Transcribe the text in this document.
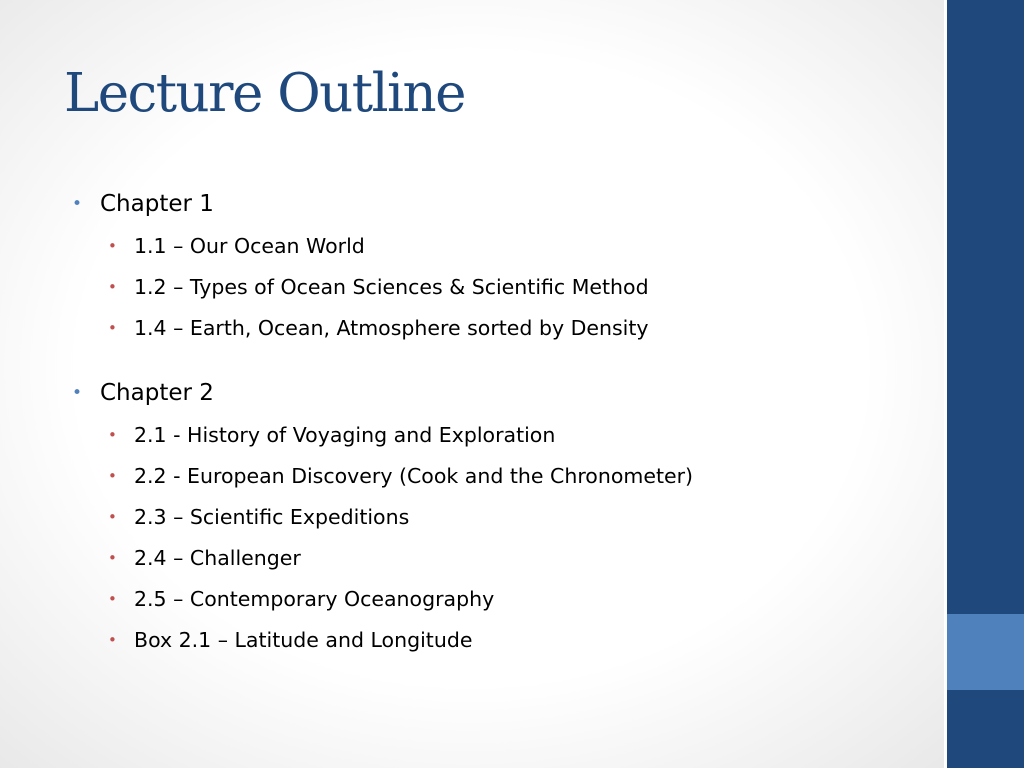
Lecture Outline
• Chapter 1
• 1.1 – Our Ocean World
• 1.2 – Types of Ocean Sciences & Scientific Method
• 1.4 – Earth, Ocean, Atmosphere sorted by Density
• Chapter 2
• 2.1 - History of Voyaging and Exploration
• 2.2 - European Discovery (Cook and the Chronometer)
• 2.3 – Scientific Expeditions
• 2.4 – Challenger
• 2.5 – Contemporary Oceanography
• Box 2.1 – Latitude and Longitude
